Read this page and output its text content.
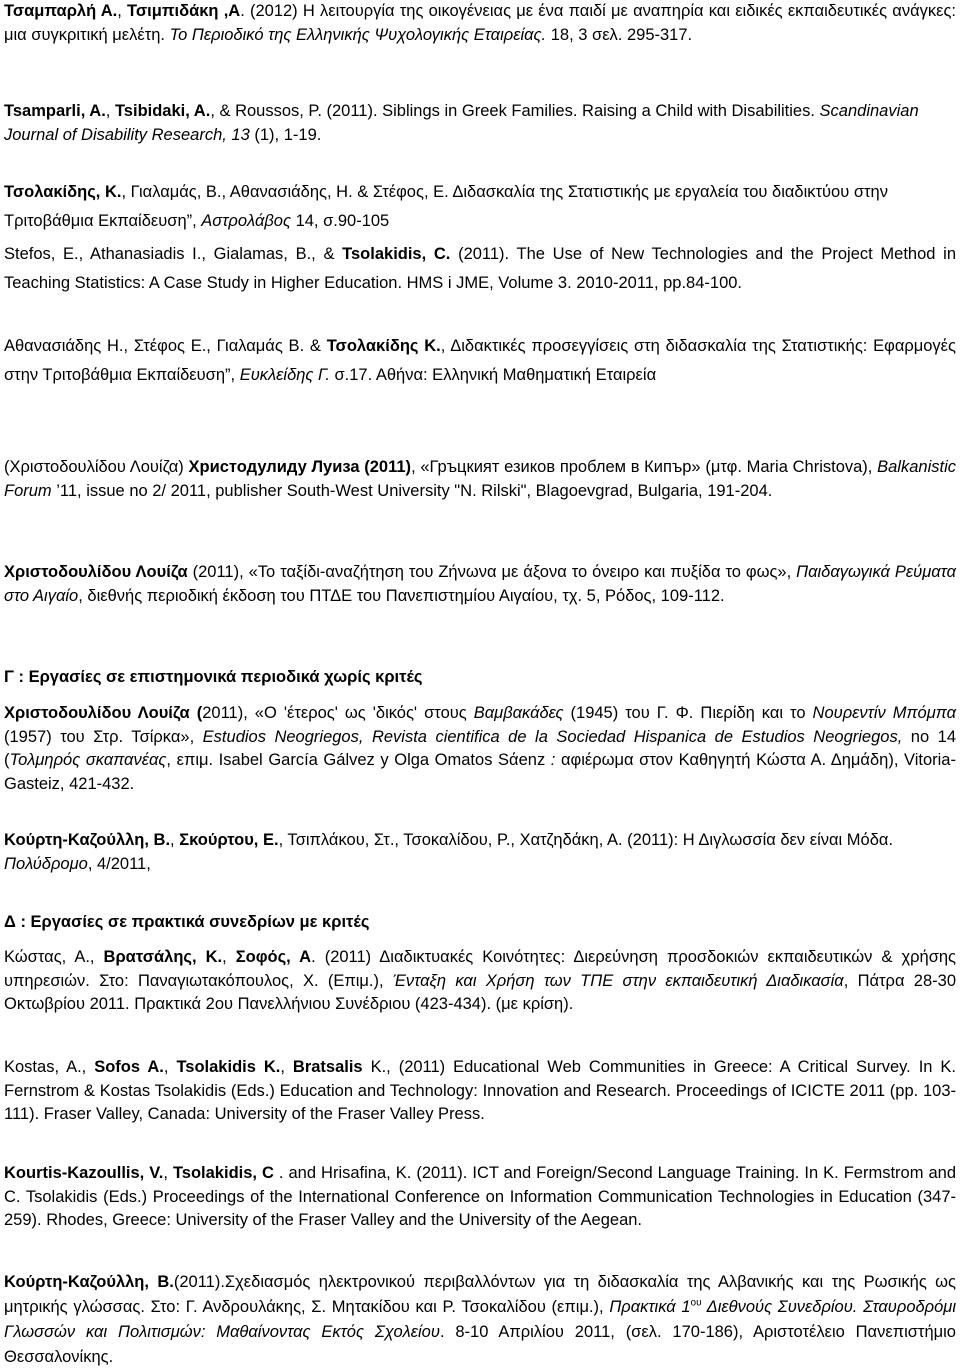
Τσαμπαρλή Α., Τσιμπιδάκη ,Α. (2012) Η λειτουργία της οικογένειας με ένα παιδί με αναπηρία και ειδικές εκπαιδευτικές ανάγκες: μια συγκριτική μελέτη. Το Περιοδικό της Ελληνικής Ψυχολογικής Εταιρείας. 18, 3 σελ. 295-317.

Tsamparli, A., Tsibidaki, A., & Roussos, P. (2011). Siblings in Greek Families. Raising a Child with Disabilities. Scandinavian Journal of Disability Research, 13 (1), 1-19.

Τσολακίδης, Κ., Γιαλαμάς, Β., Αθανασιάδης, Η. & Στέφος, Ε. Διδασκαλία της Στατιστικής με εργαλεία του διαδικτύου στην Τριτοβάθμια Εκπαίδευση”, Αστρολάβος 14, σ.90-105

Stefos, E., Athanasiadis I., Gialamas, B., & Tsolakidis, C. (2011). The Use of New Technologies and the Project Method in Teaching Statistics: A Case Study in Higher Education. HMS i JME, Volume 3. 2010-2011, pp.84-100.

Αθανασιάδης Η., Στέφος Ε., Γιαλαμάς Β. & Τσολακίδης Κ., Διδακτικές προσεγγίσεις στη διδασκαλία της Στατιστικής: Εφαρμογές στην Τριτοβάθμια Εκπαίδευση”, Ευκλείδης Γ. σ.17. Αθήνα: Ελληνική Μαθηματική Εταιρεία

(Χριστοδουλίδου Λουίζα) Христодулиду Луиза (2011), «Гръцкият езиков проблем в Кипър» (μτφ. Maria Christova), Balkanistic Forum ’11, issue no 2/ 2011, publisher South-West University "N. Rilski", Blagoevgrad, Bulgaria, 191-204.

Χριστοδουλίδου Λουίζα (2011), «Το ταξίδι-αναζήτηση του Ζήνωνα με άξονα το όνειρο και πυξίδα το φως», Παιδαγωγικά Ρεύματα στο Αιγαίο, διεθνής περιοδική έκδοση του ΠΤΔΕ του Πανεπιστημίου Αιγαίου, τχ. 5, Ρόδος, 109-112.

Γ : Εργασίες σε επιστημονικά περιοδικά χωρίς κριτές

Χριστοδουλίδου Λουίζα (2011), «Ο 'έτερος' ως 'δικός' στους Βαμβακάδες (1945) του Γ. Φ. Πιερίδη και το Νουρεντίν Μπόμπα (1957) του Στρ. Τσίρκα», Estudios Neogriegos, Revista cientifica de la Sociedad Hispanica de Estudios Neogriegos, no 14 (Τολμηρός σκαπανέας, επιμ. Isabel García Gálvez y Olga Omatos Sάenz : αφιέρωμα στον Καθηγητή Κώστα Α. Δημάδη), Vitoria-Gasteiz, 421-432.

Κούρτη-Καζούλλη, Β., Σκούρτου, Ε., Τσιπλάκου, Στ., Τσοκαλίδου, Ρ., Χατζηδάκη, Α. (2011): Η Διγλωσσία δεν είναι Μόδα. Πολύδρομο, 4/2011,

Δ : Εργασίες σε πρακτικά συνεδρίων με κριτές

Κώστας, Α., Βρατσάλης, Κ., Σοφός, Α. (2011) Διαδικτυακές Κοινότητες: Διερεύνηση προσδοκιών εκπαιδευτικών & χρήσης υπηρεσιών. Στο: Παναγιωτακόπουλος, Χ. (Επιμ.), Ένταξη και Χρήση των ΤΠΕ στην εκπαιδευτική Διαδικασία, Πάτρα 28-30 Οκτωβρίου 2011. Πρακτικά 2ου Πανελλήνιου Συνέδριου (423-434). (με κρίση).

Kostas, A., Sofos A., Tsolakidis K., Bratsalis K., (2011) Educational Web Communities in Greece: A Critical Survey. In K. Fernstrom & Kostas Tsolakidis (Eds.) Education and Technology: Innovation and Research. Proceedings of ICICTE 2011 (pp. 103-111). Fraser Valley, Canada: University of the Fraser Valley Press.

Kourtis-Kazoullis, V., Tsolakidis, C . and Hrisafina, K. (2011). ICT and Foreign/Second Language Training. In K. Fermstrom and C. Tsolakidis (Eds.) Proceedings of the International Conference on Information Communication Technologies in Education (347-259). Rhodes, Greece: University of the Fraser Valley and the University of the Aegean.

Κούρτη-Καζούλλη, Β.(2011).Σχεδιασμός ηλεκτρονικού περιβαλλόντων για τη διδασκαλία της Αλβανικής και της Ρωσικής ως μητρικής γλώσσας. Στο: Γ. Ανδρουλάκης, Σ. Μητακίδου και Ρ. Τσοκαλίδου (επιμ.), Πρακτικά $1^{o\upsilon}$ Διεθνούς Συνεδρίου. Σταυροδρόμι Γλωσσών και Πολιτισμών: Μαθαίνοντας Εκτός Σχολείου. 8-10 Απριλίου 2011, (σελ. 170-186), Αριστοτέλειο Πανεπιστήμιο Θεσσαλονίκης.
